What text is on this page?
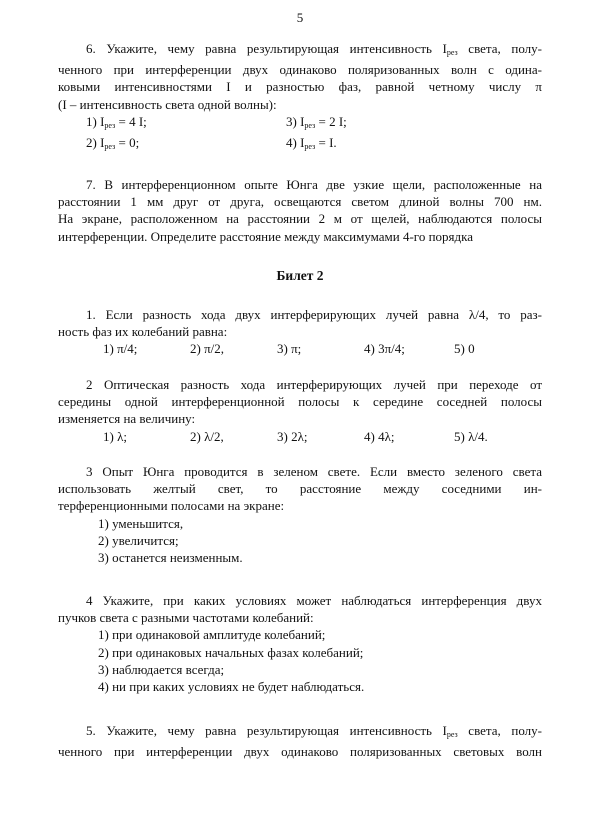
5
6. Укажите, чему равна результирующая интенсивность $I_{рез}$ света, полу-
ченного при интерференции двух одинаково поляризованных волн с одина-
ковыми интенсивностями I и разностью фаз, равной четному числу π
(I – интенсивность света одной волны):
1) $I_{рез} = 4$ I;	3) $I_{рез} = 2$ I;
2) $I_{рез} = 0$;	4) $I_{рез} = I$.
7. В интерференционном опыте Юнга две узкие щели, расположенные на
расстоянии 1 мм друг от друга, освещаются светом длиной волны 700 нм.
На экране, расположенном на расстоянии 2 м от щелей, наблюдаются полосы
интерференции. Определите расстояние между максимумами 4-го порядка
Билет 2
1. Если разность хода двух интерферирующих лучей равна λ/4, то раз-
ность фаз их колебаний равна:
1) π/4;	2) π/2,	3) π;	4) 3π/4;	5) 0
2 Оптическая разность хода интерферирующих лучей при переходе от
середины одной интерференционной полосы к середине соседней полосы
изменяется на величину:
1) λ;	2) λ/2,	3) 2λ;	4) 4λ;	5) λ/4.
3 Опыт Юнга проводится в зеленом свете. Если вместо зеленого света
использовать желтый свет, то расстояние между соседними ин-
терференционными полосами на экране:
1) уменьшится,
2) увеличится;
3) останется неизменным.
4 Укажите, при каких условиях может наблюдаться интерференция двух
пучков света с разными частотами колебаний:
1) при одинаковой амплитуде колебаний;
2) при одинаковых начальных фазах колебаний;
3) наблюдается всегда;
4) ни при каких условиях не будет наблюдаться.
5. Укажите, чему равна результирующая интенсивность $I_{рез}$ света, полу-
ченного при интерференции двух одинаково поляризованных световых волн
